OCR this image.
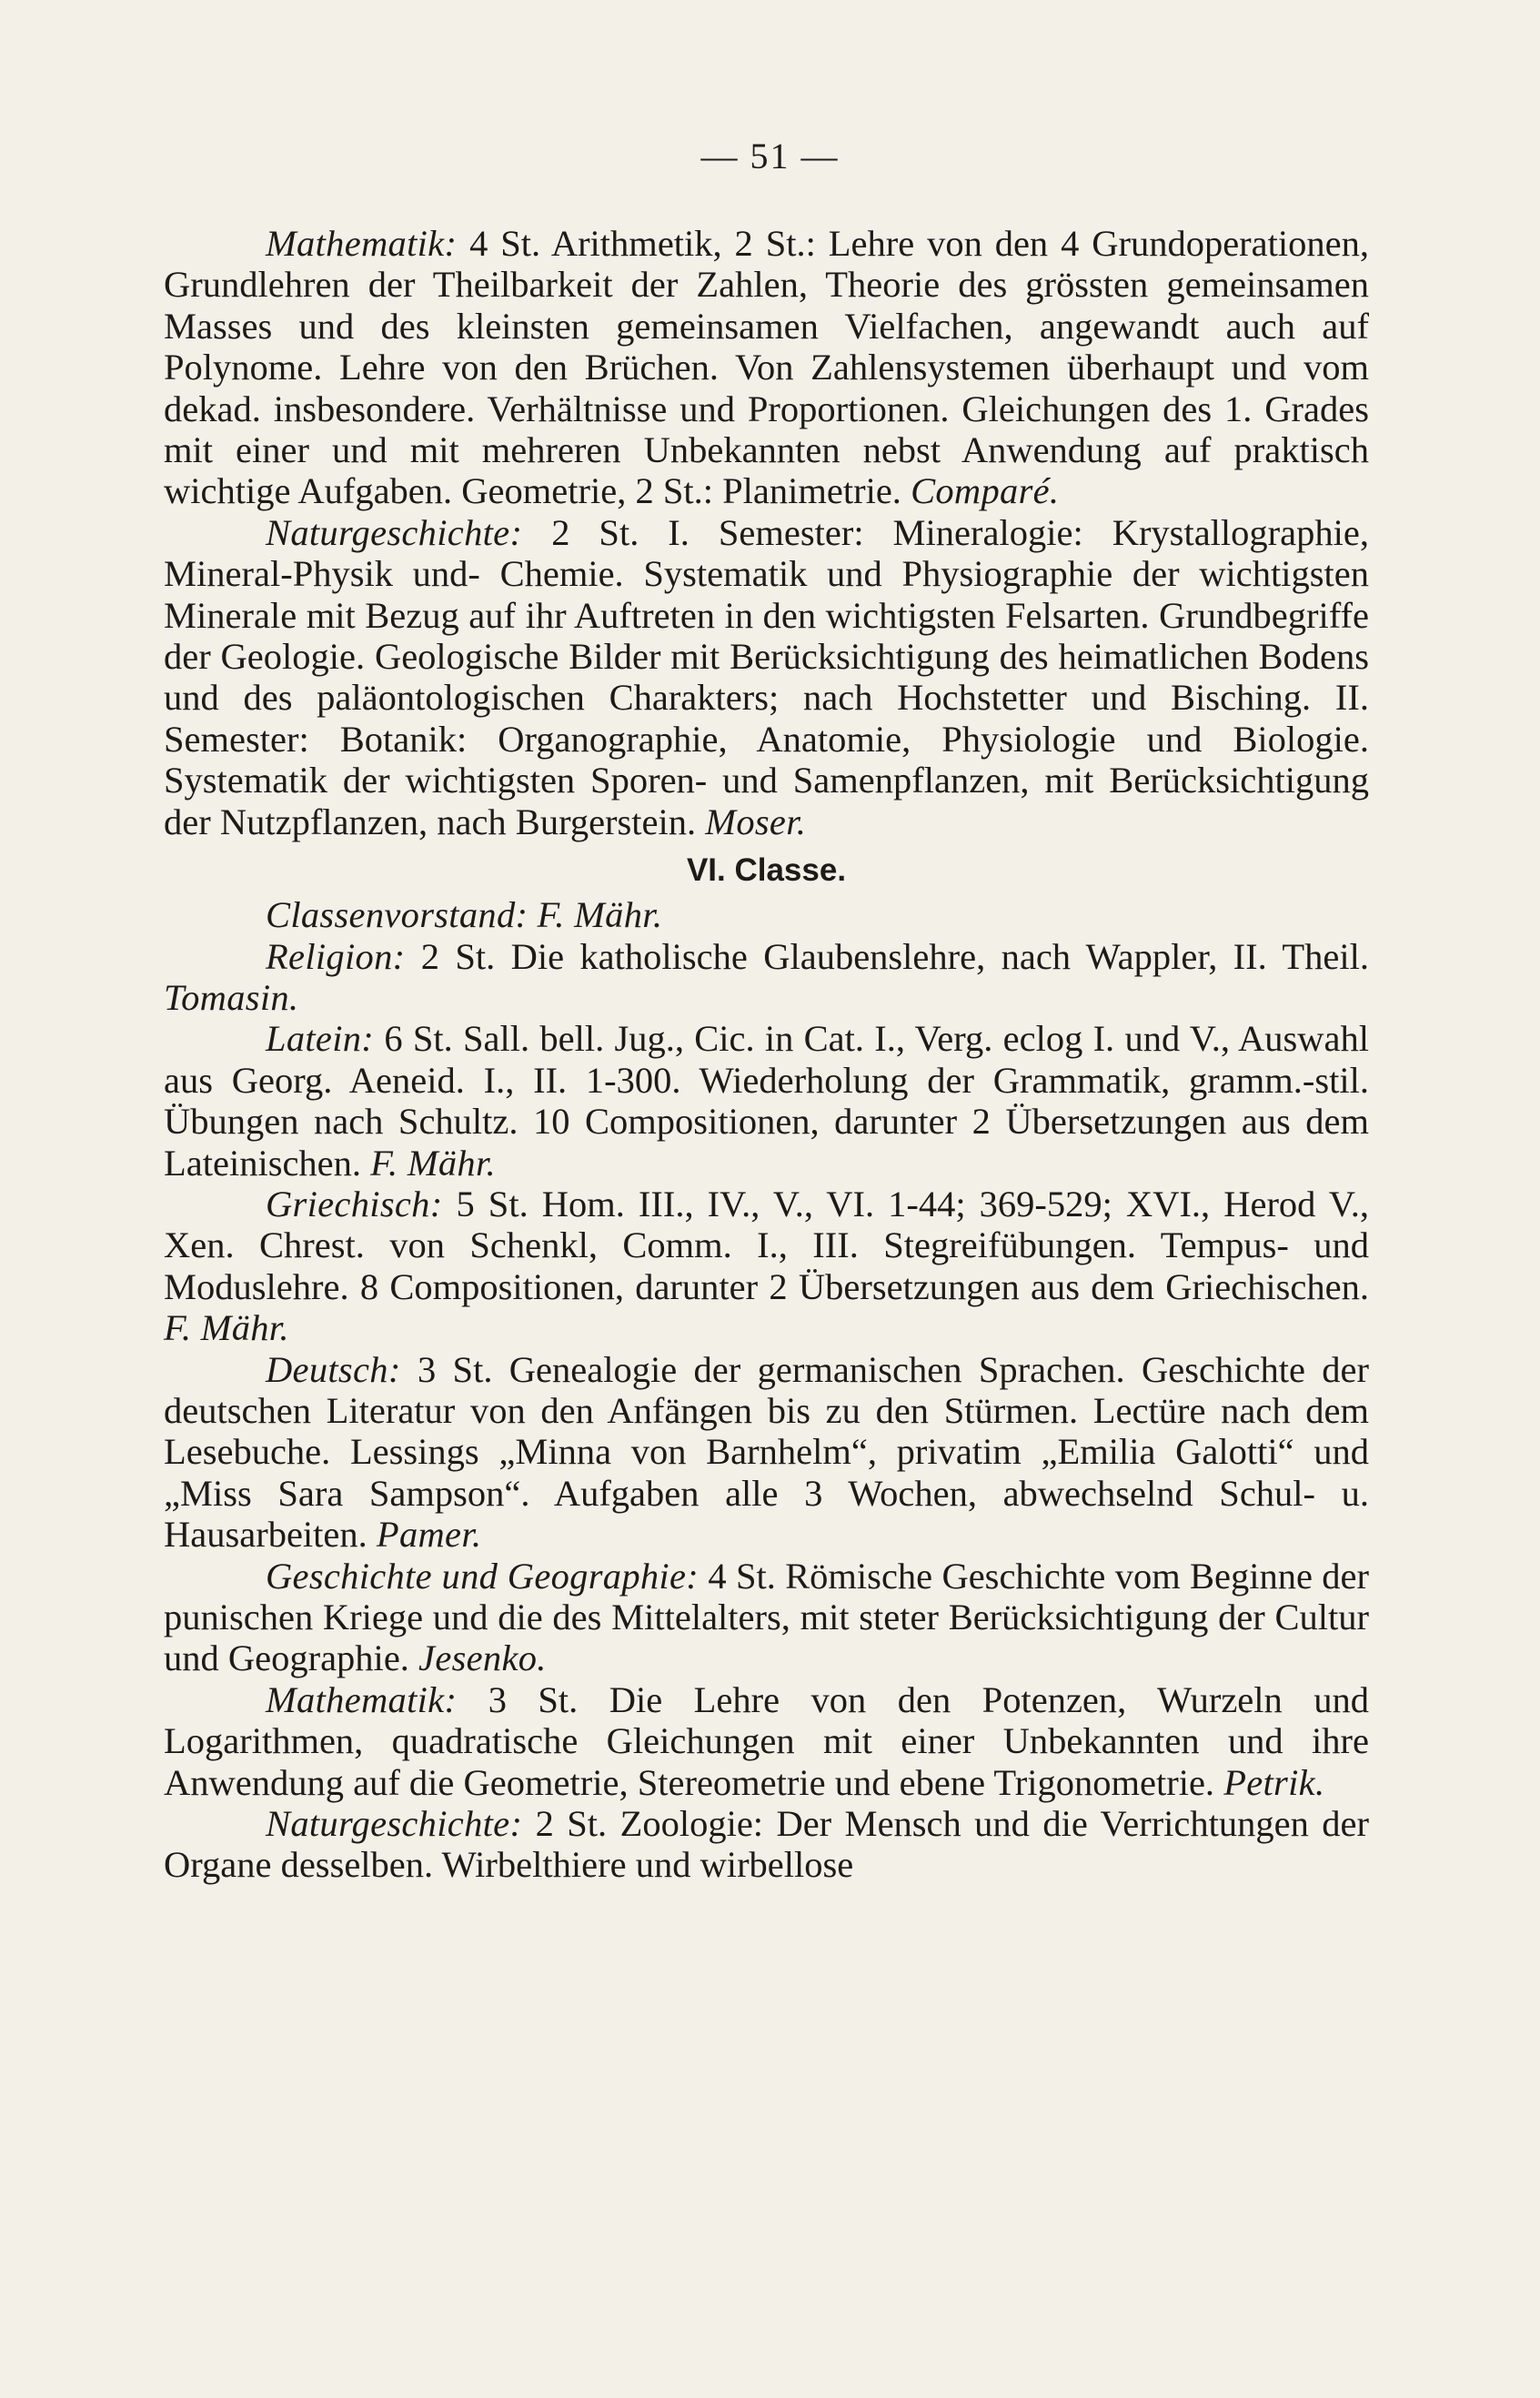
— 51 —

Mathematik: 4 St. Arithmetik, 2 St.: Lehre von den 4 Grundoperationen, Grundlehren der Theilbarkeit der Zahlen, Theorie des grössten gemeinsamen Masses und des kleinsten gemeinsamen Vielfachen, angewandt auch auf Polynome. Lehre von den Brüchen. Von Zahlensystemen überhaupt und vom dekad. insbesondere. Verhältnisse und Proportionen. Gleichungen des 1. Grades mit einer und mit mehreren Unbekannten nebst Anwendung auf praktisch wichtige Aufgaben. Geometrie, 2 St.: Planimetrie. Comparé.

Naturgeschichte: 2 St. I. Semester: Mineralogie: Krystallographie, Mineral-Physik und- Chemie. Systematik und Physiographie der wichtigsten Minerale mit Bezug auf ihr Auftreten in den wichtigsten Felsarten. Grundbegriffe der Geologie. Geologische Bilder mit Berücksichtigung des heimatlichen Bodens und des paläontologischen Charakters; nach Hochstetter und Bisching. II. Semester: Botanik: Organographie, Anatomie, Physiologie und Biologie. Systematik der wichtigsten Sporen- und Samenpflanzen, mit Berücksichtigung der Nutzpflanzen, nach Burgerstein. Moser.

VI. Classe.

Classenvorstand: F. Mähr.

Religion: 2 St. Die katholische Glaubenslehre, nach Wappler, II. Theil. Tomasin.

Latein: 6 St. Sall. bell. Jug., Cic. in Cat. I., Verg. eclog I. und V., Auswahl aus Georg. Aeneid. I., II. 1-300. Wiederholung der Grammatik, gramm.-stil. Übungen nach Schultz. 10 Compositionen, darunter 2 Übersetzungen aus dem Lateinischen. F. Mähr.

Griechisch: 5 St. Hom. III., IV., V., VI. 1-44; 369-529; XVI., Herod V., Xen. Chrest. von Schenkl, Comm. I., III. Stegreifübungen. Tempus- und Moduslehre. 8 Compositionen, darunter 2 Übersetzungen aus dem Griechischen. F. Mähr.

Deutsch: 3 St. Genealogie der germanischen Sprachen. Geschichte der deutschen Literatur von den Anfängen bis zu den Stürmen. Lectüre nach dem Lesebuche. Lessings „Minna von Barnhelm“, privatim „Emilia Galotti“ und „Miss Sara Sampson“. Aufgaben alle 3 Wochen, abwechselnd Schul- u. Hausarbeiten. Pamer.

Geschichte und Geographie: 4 St. Römische Geschichte vom Beginne der punischen Kriege und die des Mittelalters, mit steter Berücksichtigung der Cultur und Geographie. Jesenko.

Mathematik: 3 St. Die Lehre von den Potenzen, Wurzeln und Logarithmen, quadratische Gleichungen mit einer Unbekannten und ihre Anwendung auf die Geometrie, Stereometrie und ebene Trigonometrie. Petrik.

Naturgeschichte: 2 St. Zoologie: Der Mensch und die Verrichtungen der Organe desselben. Wirbelthiere und wirbellose
